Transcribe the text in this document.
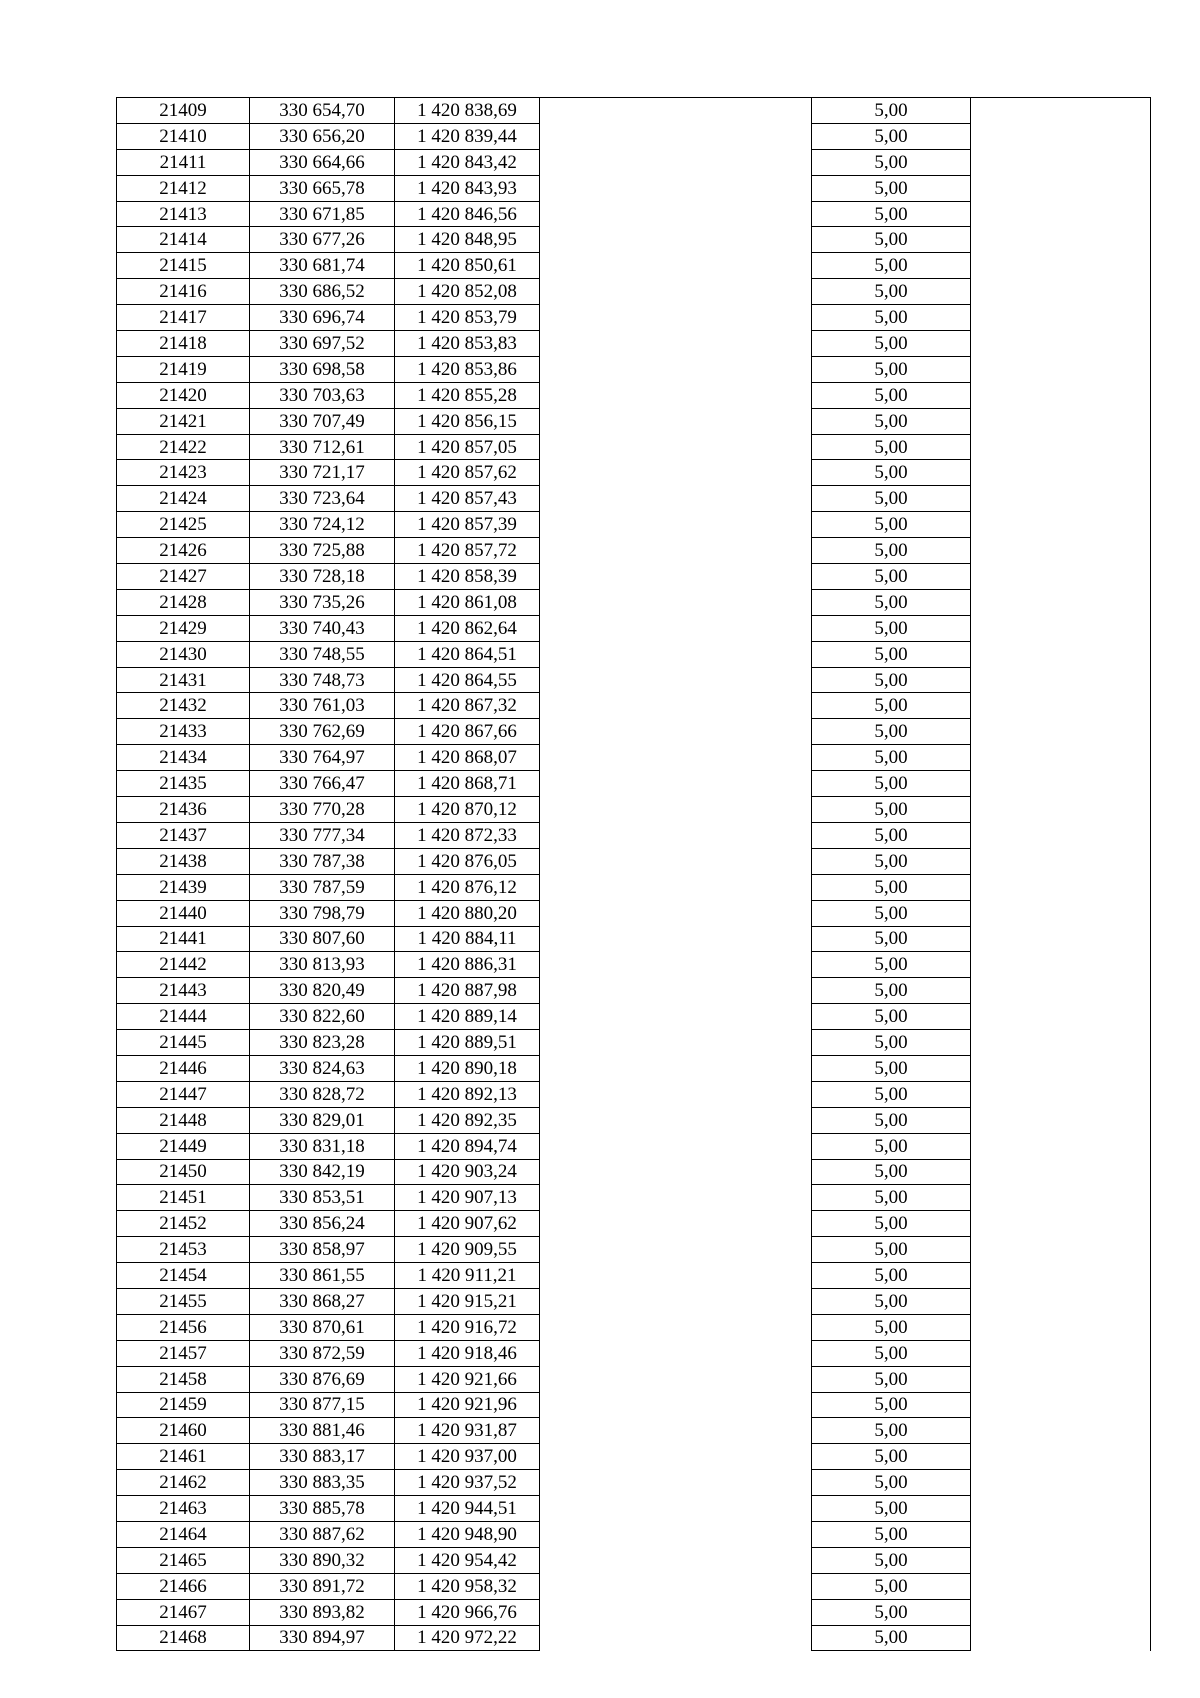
21409	330 654,70	1 420 838,69		5,00	
21410	330 656,20	1 420 839,44		5,00	
21411	330 664,66	1 420 843,42		5,00	
21412	330 665,78	1 420 843,93		5,00	
21413	330 671,85	1 420 846,56		5,00	
21414	330 677,26	1 420 848,95		5,00	
21415	330 681,74	1 420 850,61		5,00	
21416	330 686,52	1 420 852,08		5,00	
21417	330 696,74	1 420 853,79		5,00	
21418	330 697,52	1 420 853,83		5,00	
21419	330 698,58	1 420 853,86		5,00	
21420	330 703,63	1 420 855,28		5,00	
21421	330 707,49	1 420 856,15		5,00	
21422	330 712,61	1 420 857,05		5,00	
21423	330 721,17	1 420 857,62		5,00	
21424	330 723,64	1 420 857,43		5,00	
21425	330 724,12	1 420 857,39		5,00	
21426	330 725,88	1 420 857,72		5,00	
21427	330 728,18	1 420 858,39		5,00	
21428	330 735,26	1 420 861,08		5,00	
21429	330 740,43	1 420 862,64		5,00	
21430	330 748,55	1 420 864,51		5,00	
21431	330 748,73	1 420 864,55		5,00	
21432	330 761,03	1 420 867,32		5,00	
21433	330 762,69	1 420 867,66		5,00	
21434	330 764,97	1 420 868,07		5,00	
21435	330 766,47	1 420 868,71		5,00	
21436	330 770,28	1 420 870,12		5,00	
21437	330 777,34	1 420 872,33		5,00	
21438	330 787,38	1 420 876,05		5,00	
21439	330 787,59	1 420 876,12		5,00	
21440	330 798,79	1 420 880,20		5,00	
21441	330 807,60	1 420 884,11		5,00	
21442	330 813,93	1 420 886,31		5,00	
21443	330 820,49	1 420 887,98		5,00	
21444	330 822,60	1 420 889,14		5,00	
21445	330 823,28	1 420 889,51		5,00	
21446	330 824,63	1 420 890,18		5,00	
21447	330 828,72	1 420 892,13		5,00	
21448	330 829,01	1 420 892,35		5,00	
21449	330 831,18	1 420 894,74		5,00	
21450	330 842,19	1 420 903,24		5,00	
21451	330 853,51	1 420 907,13		5,00	
21452	330 856,24	1 420 907,62		5,00	
21453	330 858,97	1 420 909,55		5,00	
21454	330 861,55	1 420 911,21		5,00	
21455	330 868,27	1 420 915,21		5,00	
21456	330 870,61	1 420 916,72		5,00	
21457	330 872,59	1 420 918,46		5,00	
21458	330 876,69	1 420 921,66		5,00	
21459	330 877,15	1 420 921,96		5,00	
21460	330 881,46	1 420 931,87		5,00	
21461	330 883,17	1 420 937,00		5,00	
21462	330 883,35	1 420 937,52		5,00	
21463	330 885,78	1 420 944,51		5,00	
21464	330 887,62	1 420 948,90		5,00	
21465	330 890,32	1 420 954,42		5,00	
21466	330 891,72	1 420 958,32		5,00	
21467	330 893,82	1 420 966,76		5,00	
21468	330 894,97	1 420 972,22		5,00	
